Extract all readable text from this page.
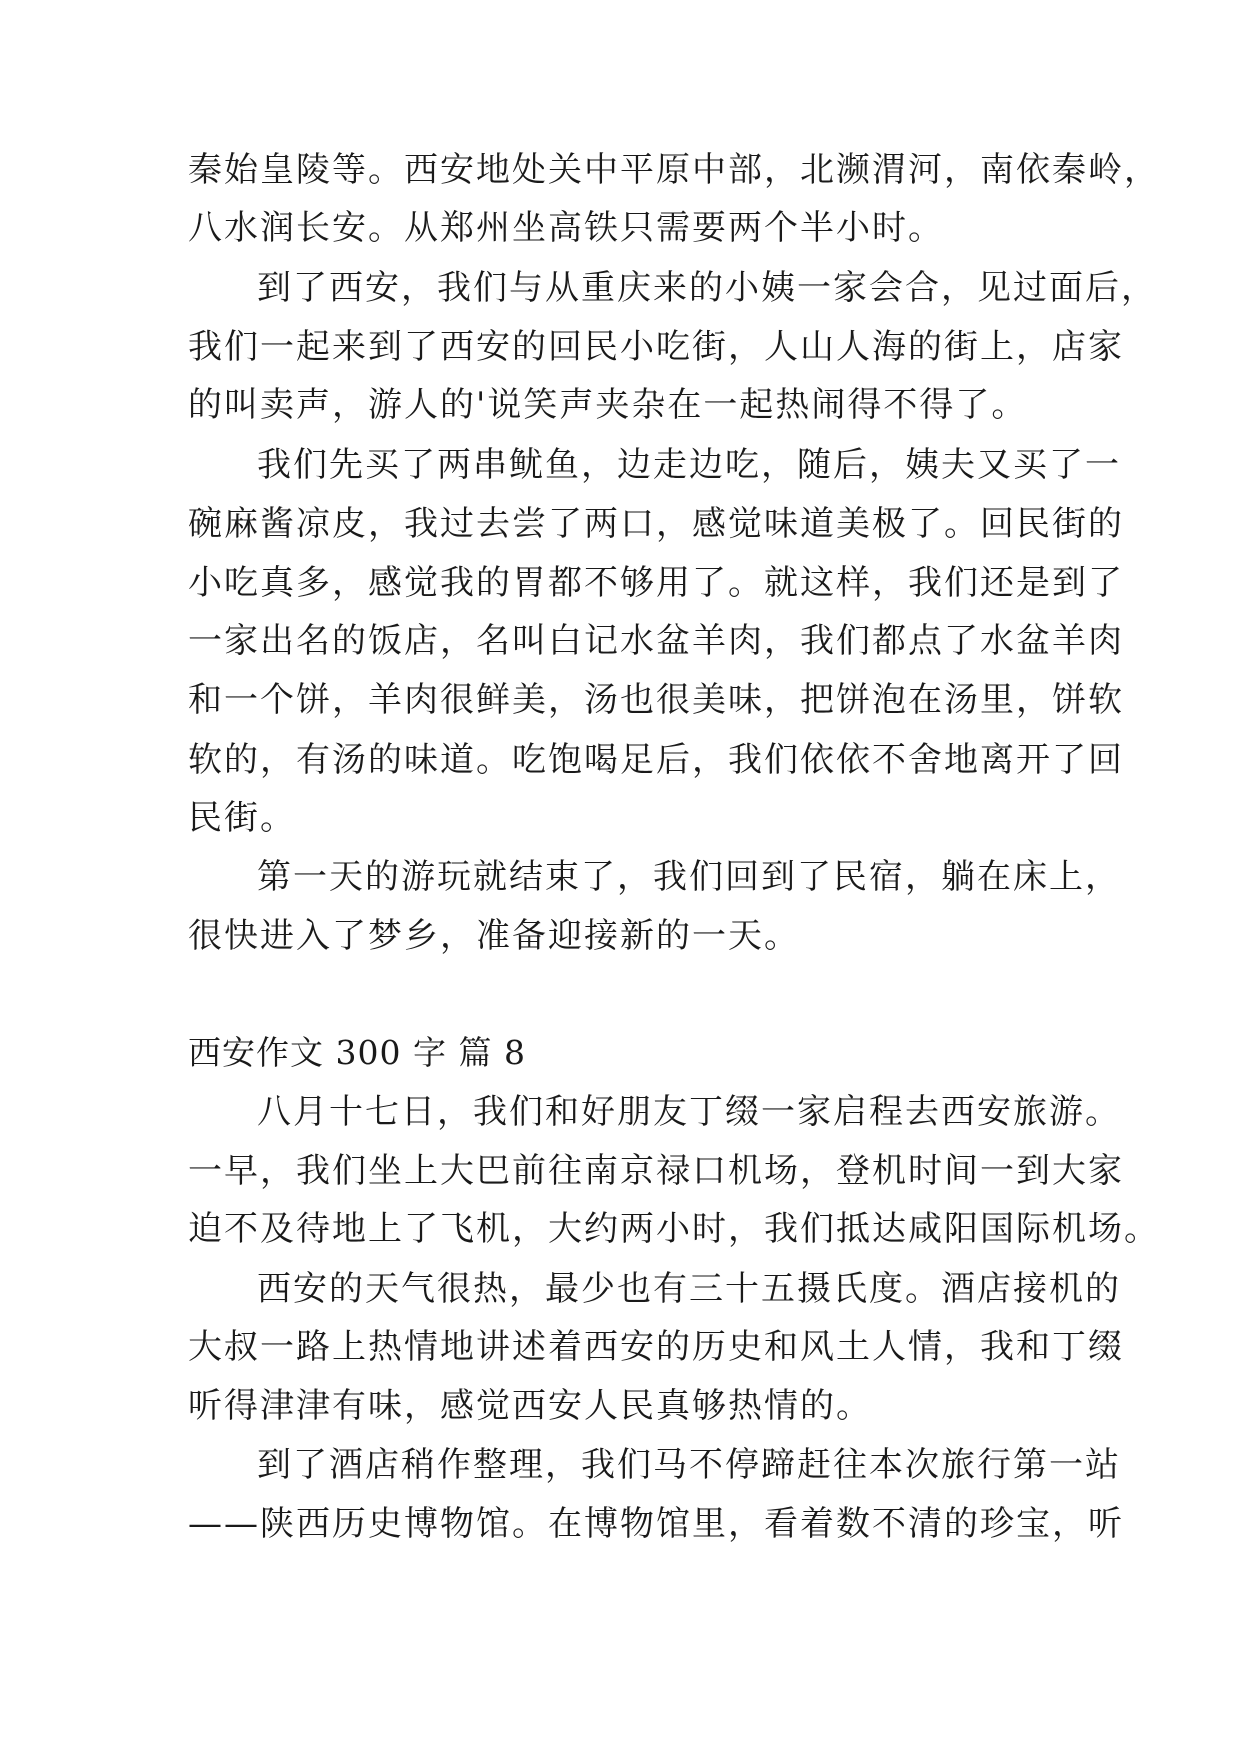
秦始皇陵等。西安地处关中平原中部，北濒渭河，南依秦岭，
八水润长安。从郑州坐高铁只需要两个半小时。
到了西安，我们与从重庆来的小姨一家会合，见过面后，
我们一起来到了西安的回民小吃街，人山人海的街上，店家
的叫卖声，游人的'说笑声夹杂在一起热闹得不得了。
我们先买了两串鱿鱼，边走边吃，随后，姨夫又买了一
碗麻酱凉皮，我过去尝了两口，感觉味道美极了。回民街的
小吃真多，感觉我的胃都不够用了。就这样，我们还是到了
一家出名的饭店，名叫白记水盆羊肉，我们都点了水盆羊肉
和一个饼，羊肉很鲜美，汤也很美味，把饼泡在汤里，饼软
软的，有汤的味道。吃饱喝足后，我们依依不舍地离开了回
民街。
第一天的游玩就结束了，我们回到了民宿，躺在床上，
很快进入了梦乡，准备迎接新的一天。
西安作文 300 字 篇 8
八月十七日，我们和好朋友丁缀一家启程去西安旅游。
一早，我们坐上大巴前往南京禄口机场，登机时间一到大家
迫不及待地上了飞机，大约两小时，我们抵达咸阳国际机场。
西安的天气很热，最少也有三十五摄氏度。酒店接机的
大叔一路上热情地讲述着西安的历史和风土人情，我和丁缀
听得津津有味，感觉西安人民真够热情的。
到了酒店稍作整理，我们马不停蹄赶往本次旅行第一站
——陕西历史博物馆。在博物馆里，看着数不清的珍宝，听
